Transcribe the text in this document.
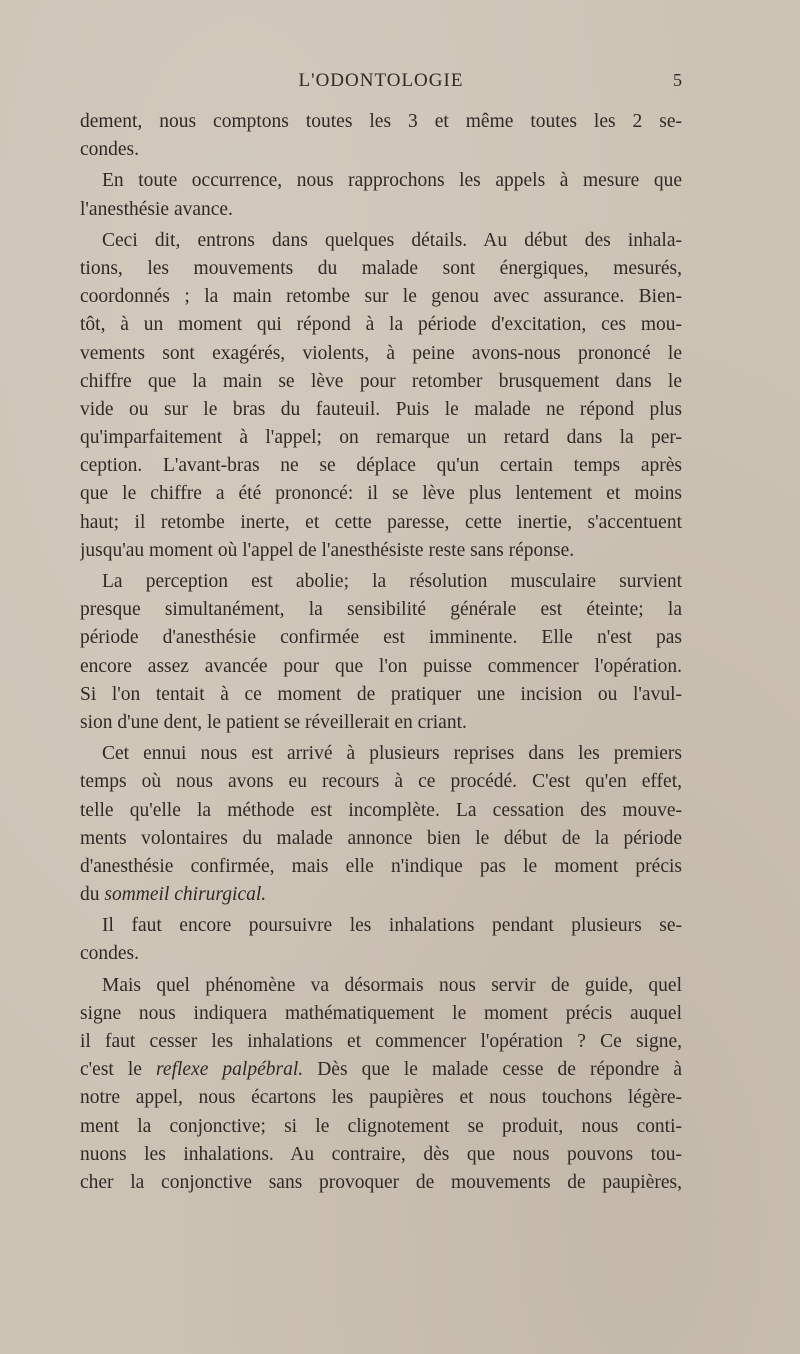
L'ODONTOLOGIE	5
dement, nous comptons toutes les 3 et même toutes les 2 se-
condes.
En toute occurrence, nous rapprochons les appels à mesure que
l'anesthésie avance.
Ceci dit, entrons dans quelques détails. Au début des inhala-
tions, les mouvements du malade sont énergiques, mesurés,
coordonnés ; la main retombe sur le genou avec assurance. Bien-
tôt, à un moment qui répond à la période d'excitation, ces mou-
vements sont exagérés, violents, à peine avons-nous prononcé le
chiffre que la main se lève pour retomber brusquement dans le
vide ou sur le bras du fauteuil. Puis le malade ne répond plus
qu'imparfaitement à l'appel; on remarque un retard dans la per-
ception. L'avant-bras ne se déplace qu'un certain temps après
que le chiffre a été prononcé: il se lève plus lentement et moins
haut; il retombe inerte, et cette paresse, cette inertie, s'accentuent
jusqu'au moment où l'appel de l'anesthésiste reste sans réponse.
La perception est abolie; la résolution musculaire survient
presque simultanément, la sensibilité générale est éteinte; la
période d'anesthésie confirmée est imminente. Elle n'est pas
encore assez avancée pour que l'on puisse commencer l'opération.
Si l'on tentait à ce moment de pratiquer une incision ou l'avul-
sion d'une dent, le patient se réveillerait en criant.
Cet ennui nous est arrivé à plusieurs reprises dans les premiers
temps où nous avons eu recours à ce procédé. C'est qu'en effet,
telle qu'elle la méthode est incomplète. La cessation des mouve-
ments volontaires du malade annonce bien le début de la période
d'anesthésie confirmée, mais elle n'indique pas le moment précis
du sommeil chirurgical.
Il faut encore poursuivre les inhalations pendant plusieurs se-
condes.
Mais quel phénomène va désormais nous servir de guide, quel
signe nous indiquera mathématiquement le moment précis auquel
il faut cesser les inhalations et commencer l'opération ? Ce signe,
c'est le reflexe palpébral. Dès que le malade cesse de répondre à
notre appel, nous écartons les paupières et nous touchons légère-
ment la conjonctive; si le clignotement se produit, nous conti-
nuons les inhalations. Au contraire, dès que nous pouvons tou-
cher la conjonctive sans provoquer de mouvements de paupières,
